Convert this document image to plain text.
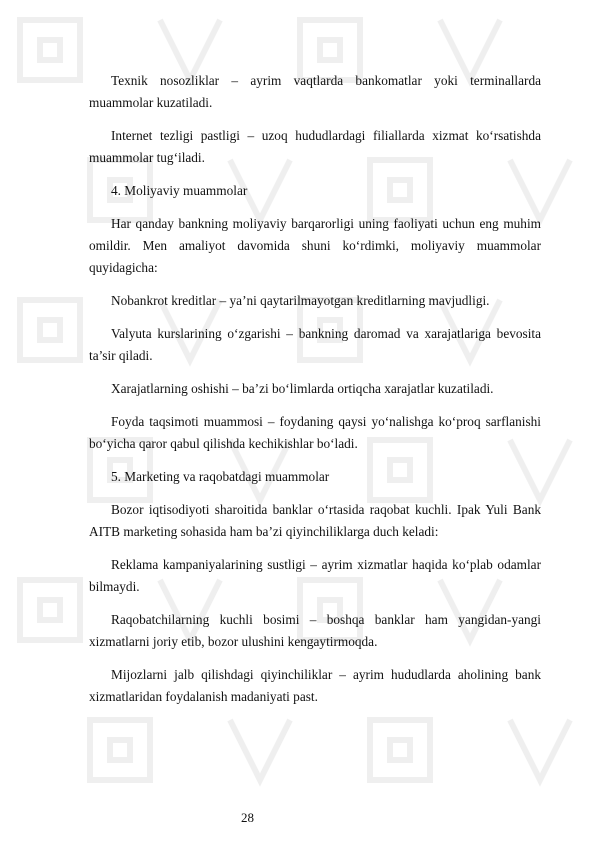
Texnik nosozliklar – ayrim vaqtlarda bankomatlar yoki terminallarda muammolar kuzatiladi.

Internet tezligi pastligi – uzoq hududlardagi filiallarda xizmat ko‘rsatishda muammolar tug‘iladi.

4. Moliyaviy muammolar

Har qanday bankning moliyaviy barqarorligi uning faoliyati uchun eng muhim omildir. Men amaliyot davomida shuni ko‘rdimki, moliyaviy muammolar quyidagicha:

Nobankrot kreditlar – ya’ni qaytarilmayotgan kreditlarning mavjudligi.

Valyuta kurslarining o‘zgarishi – bankning daromad va xarajatlariga bevosita ta’sir qiladi.

Xarajatlarning oshishi – ba’zi bo‘limlarda ortiqcha xarajatlar kuzatiladi.

Foyda taqsimoti muammosi – foydaning qaysi yo‘nalishga ko‘proq sarflanishi bo‘yicha qaror qabul qilishda kechikishlar bo‘ladi.

5. Marketing va raqobatdagi muammolar

Bozor iqtisodiyoti sharoitida banklar o‘rtasida raqobat kuchli. Ipak Yuli Bank AITB marketing sohasida ham ba’zi qiyinchiliklarga duch keladi:

Reklama kampaniyalarining sustligi – ayrim xizmatlar haqida ko‘plab odamlar bilmaydi.

Raqobatchilarning kuchli bosimi – boshqa banklar ham yangidan-yangi xizmatlarni joriy etib, bozor ulushini kengaytirmoqda.

Mijozlarni jalb qilishdagi qiyinchiliklar – ayrim hududlarda aholining bank xizmatlaridan foydalanish madaniyati past.

28
